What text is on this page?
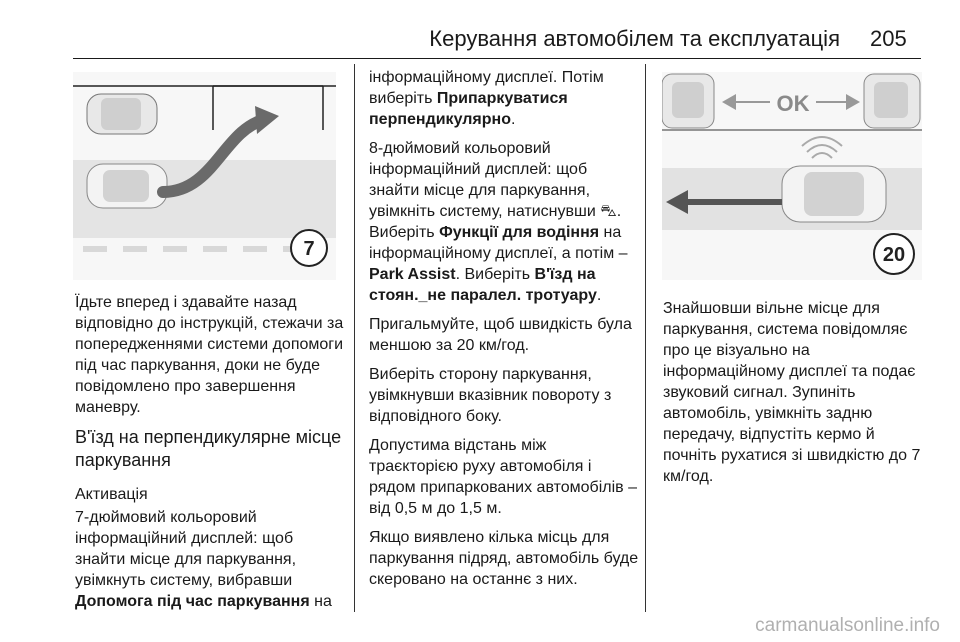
Керування автомобілем та експлуатація 205
7
OK
20

Їдьте вперед і здавайте назад відповідно до інструкцій, стежачи за попередженнями системи допомоги під час паркування, доки не буде повідомлено про завершення маневру.

В'їзд на перпендикулярне місце паркування
Активація

7-дюймовий кольоровий інформаційний дисплей: щоб знайти місце для паркування, увімкнуть систему, вибравши Допомога під час паркування на

інформаційному дисплеї. Потім виберіть Припаркуватися перпендикулярно.

8-дюймовий кольоровий інформаційний дисплей: щоб знайти місце для паркування, увімкніть систему, натиснувши ⛍. Виберіть Функції для водіння на інформаційному дисплеї, а потім – Park Assist. Виберіть В'їзд на стоян._не паралел. тротуару.

Пригальмуйте, щоб швидкість була меншою за 20 км/год.

Виберіть сторону паркування, увімкнувши вказівник повороту з відповідного боку.

Допустима відстань між траєкторією руху автомобіля і рядом припаркованих автомобілів – від 0,5 м до 1,5 м.

Якщо виявлено кілька місць для паркування підряд, автомобіль буде скеровано на останнє з них.

Знайшовши вільне місце для паркування, система повідомляє про це візуально на інформаційному дисплеї та подає звуковий сигнал. Зупиніть автомобіль, увімкніть задню передачу, відпустіть кермо й почніть рухатися зі швидкістю до 7 км/год.

carmanualsonline.info
